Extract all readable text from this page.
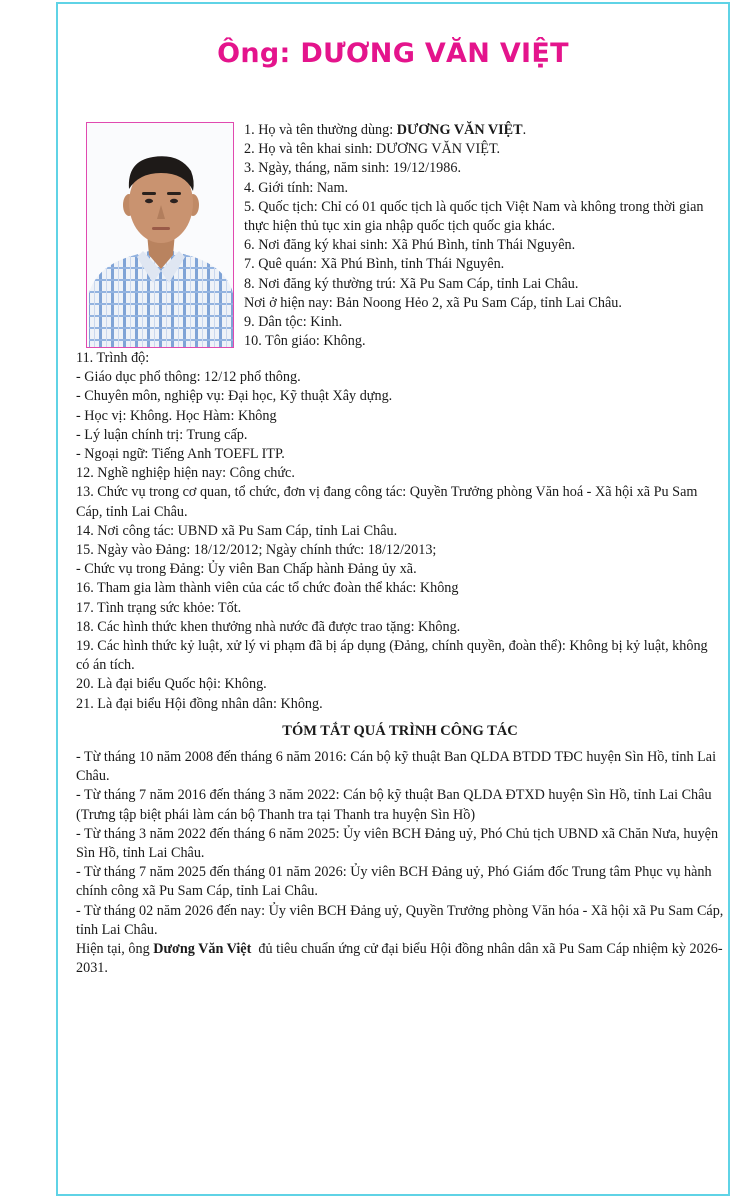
Ông: DƯƠNG VĂN VIỆT

1. Họ và tên thường dùng: DƯƠNG VĂN VIỆT.

2. Họ và tên khai sinh: DƯƠNG VĂN VIỆT.

3. Ngày, tháng, năm sinh: 19/12/1986.

4. Giới tính: Nam.

5. Quốc tịch: Chỉ có 01 quốc tịch là quốc tịch Việt Nam và không trong thời gian thực hiện thủ tục xin gia nhập quốc tịch quốc gia khác.

6. Nơi đăng ký khai sinh: Xã Phú Bình, tỉnh Thái Nguyên.

7. Quê quán: Xã Phú Bình, tỉnh Thái Nguyên.

8. Nơi đăng ký thường trú: Xã Pu Sam Cáp, tỉnh Lai Châu.

Nơi ở hiện nay: Bản Noong Hẻo 2, xã Pu Sam Cáp, tỉnh Lai Châu.

9. Dân tộc: Kinh.

10. Tôn giáo: Không.

11. Trình độ:

- Giáo dục phổ thông: 12/12 phổ thông.

- Chuyên môn, nghiệp vụ: Đại học, Kỹ thuật Xây dựng.

- Học vị: Không. Học Hàm: Không

- Lý luận chính trị: Trung cấp.

- Ngoại ngữ: Tiếng Anh TOEFL ITP.

12. Nghề nghiệp hiện nay: Công chức.

13. Chức vụ trong cơ quan, tổ chức, đơn vị đang công tác: Quyền Trưởng phòng Văn hoá - Xã hội xã Pu Sam Cáp, tỉnh Lai Châu.

14. Nơi công tác: UBND xã Pu Sam Cáp, tỉnh Lai Châu.

15. Ngày vào Đảng: 18/12/2012; Ngày chính thức: 18/12/2013;

- Chức vụ trong Đảng: Ủy viên Ban Chấp hành Đảng ủy xã.

16. Tham gia làm thành viên của các tổ chức đoàn thể khác: Không

17. Tình trạng sức khỏe: Tốt.

18. Các hình thức khen thưởng nhà nước đã được trao tặng: Không.

19. Các hình thức kỷ luật, xử lý vi phạm đã bị áp dụng (Đảng, chính quyền, đoàn thể): Không bị kỷ luật, không có án tích.

20. Là đại biểu Quốc hội: Không.

21. Là đại biểu Hội đồng nhân dân: Không.

TÓM TẮT QUÁ TRÌNH CÔNG TÁC

- Từ tháng 10 năm 2008 đến tháng 6 năm 2016: Cán bộ kỹ thuật Ban QLDA BTDD TĐC huyện Sìn Hồ, tỉnh Lai Châu.

- Từ tháng 7 năm 2016 đến tháng 3 năm 2022: Cán bộ kỹ thuật Ban QLDA ĐTXD huyện Sìn Hồ, tỉnh Lai Châu (Trưng tập biệt phái làm cán bộ Thanh tra tại Thanh tra huyện Sìn Hồ)

- Từ tháng 3 năm 2022 đến tháng 6 năm 2025: Ủy viên BCH Đảng uỷ, Phó Chủ tịch UBND xã Chăn Nưa, huyện Sìn Hồ, tỉnh Lai Châu.

- Từ tháng 7 năm 2025 đến tháng 01 năm 2026: Ủy viên BCH Đảng uỷ, Phó Giám đốc Trung tâm Phục vụ hành chính công xã Pu Sam Cáp, tỉnh Lai Châu.

- Từ tháng 02 năm 2026 đến nay: Ủy viên BCH Đảng uỷ, Quyền Trưởng phòng Văn hóa - Xã hội xã Pu Sam Cáp, tỉnh Lai Châu.

Hiện tại, ông Dương Văn Việt  đủ tiêu chuẩn ứng cử đại biểu Hội đồng nhân dân xã Pu Sam Cáp nhiệm kỳ 2026-2031.
